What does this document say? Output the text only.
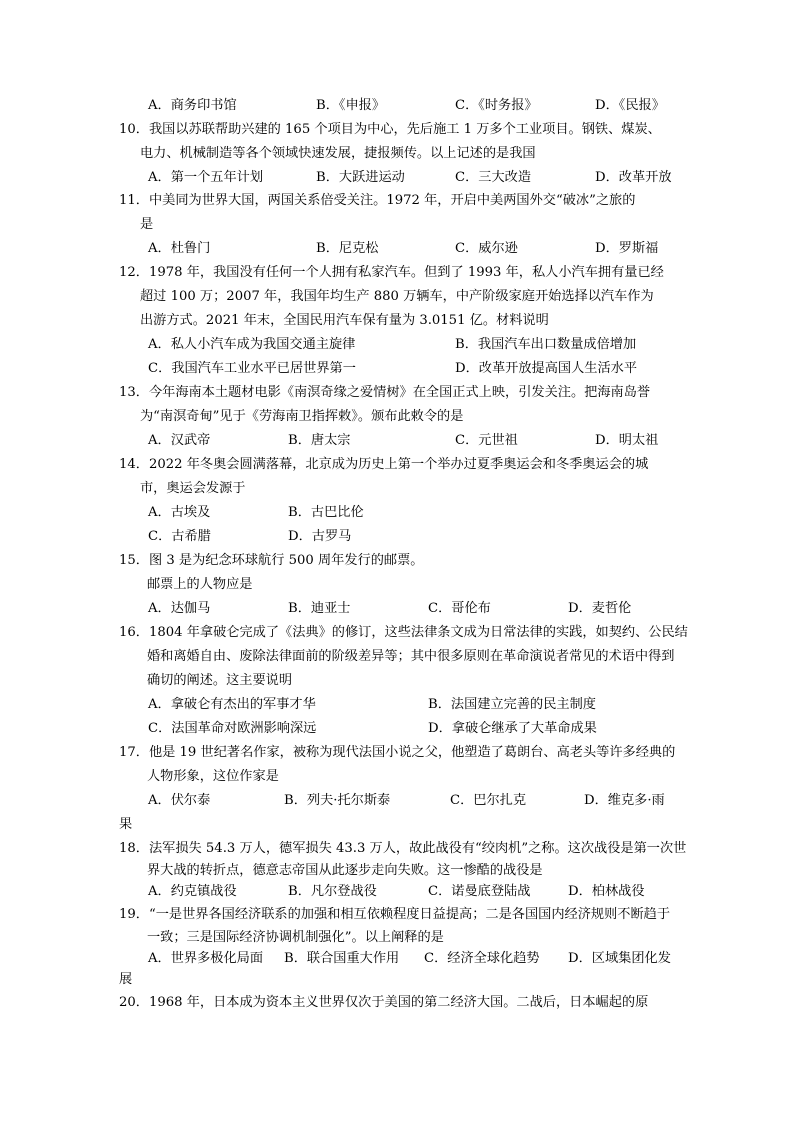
A．商务印书馆	B．《申报》	C．《时务报》	D．《民报》
10．我国以苏联帮助兴建的 165 个项目为中心，先后施工 1 万多个工业项目。钢铁、煤炭、
电力、机械制造等各个领域快速发展，捷报频传。以上记述的是我国
A．第一个五年计划	B．大跃进运动	C．三大改造	D．改革开放
11．中美同为世界大国，两国关系倍受关注。1972 年，开启中美两国外交“破冰”之旅的
是
A．杜鲁门	B．尼克松	C．威尔逊	D．罗斯福
12．1978 年，我国没有任何一个人拥有私家汽车。但到了 1993 年，私人小汽车拥有量已经
超过 100 万；2007 年，我国年均生产 880 万辆车，中产阶级家庭开始选择以汽车作为
出游方式。2021 年末，全国民用汽车保有量为 3.0151 亿。材料说明
A．私人小汽车成为我国交通主旋律	B．我国汽车出口数量成倍增加
C．我国汽车工业水平已居世界第一	D．改革开放提高国人生活水平
13．今年海南本土题材电影《南溟奇缘之爱情树》在全国正式上映，引发关注。把海南岛誉
为“南溟奇甸”见于《劳海南卫指挥敕》。颁布此敕令的是
A．汉武帝	B．唐太宗	C．元世祖	D．明太祖
14．2022 年冬奥会圆满落幕，北京成为历史上第一个举办过夏季奥运会和冬季奥运会的城
市，奥运会发源于
A．古埃及	B．古巴比伦
C．古希腊	D．古罗马
15．图 3 是为纪念环球航行 500 周年发行的邮票。
邮票上的人物应是
A．达伽马	B．迪亚士	C．哥伦布	D．麦哲伦
16．1804 年拿破仑完成了《法典》的修订，这些法律条文成为日常法律的实践，如契约、公民结
婚和离婚自由、废除法律面前的阶级差异等；其中很多原则在革命演说者常见的术语中得到
确切的阐述。这主要说明
A．拿破仑有杰出的军事才华	B．法国建立完善的民主制度
C．法国革命对欧洲影响深远	D．拿破仑继承了大革命成果
17．他是 19 世纪著名作家，被称为现代法国小说之父，他塑造了葛朗台、高老头等许多经典的
人物形象，这位作家是
A．伏尔泰	B．列夫·托尔斯泰	C．巴尔扎克	D．维克多·雨
果
18．法军损失 54.3 万人，德军损失 43.3 万人，故此战役有“绞肉机”之称。这次战役是第一次世
界大战的转折点，德意志帝国从此逐步走向失败。这一惨酷的战役是
A．约克镇战役	B．凡尔登战役	C．诺曼底登陆战	D．柏林战役
19．“一是世界各国经济联系的加强和相互依赖程度日益提高；二是各国国内经济规则不断趋于
一致；三是国际经济协调机制强化”。以上阐释的是
A．世界多极化局面 B．联合国重大作用 C．经济全球化趋势 D．区域集团化发
展
20．1968 年，日本成为资本主义世界仅次于美国的第二经济大国。二战后，日本崛起的原
